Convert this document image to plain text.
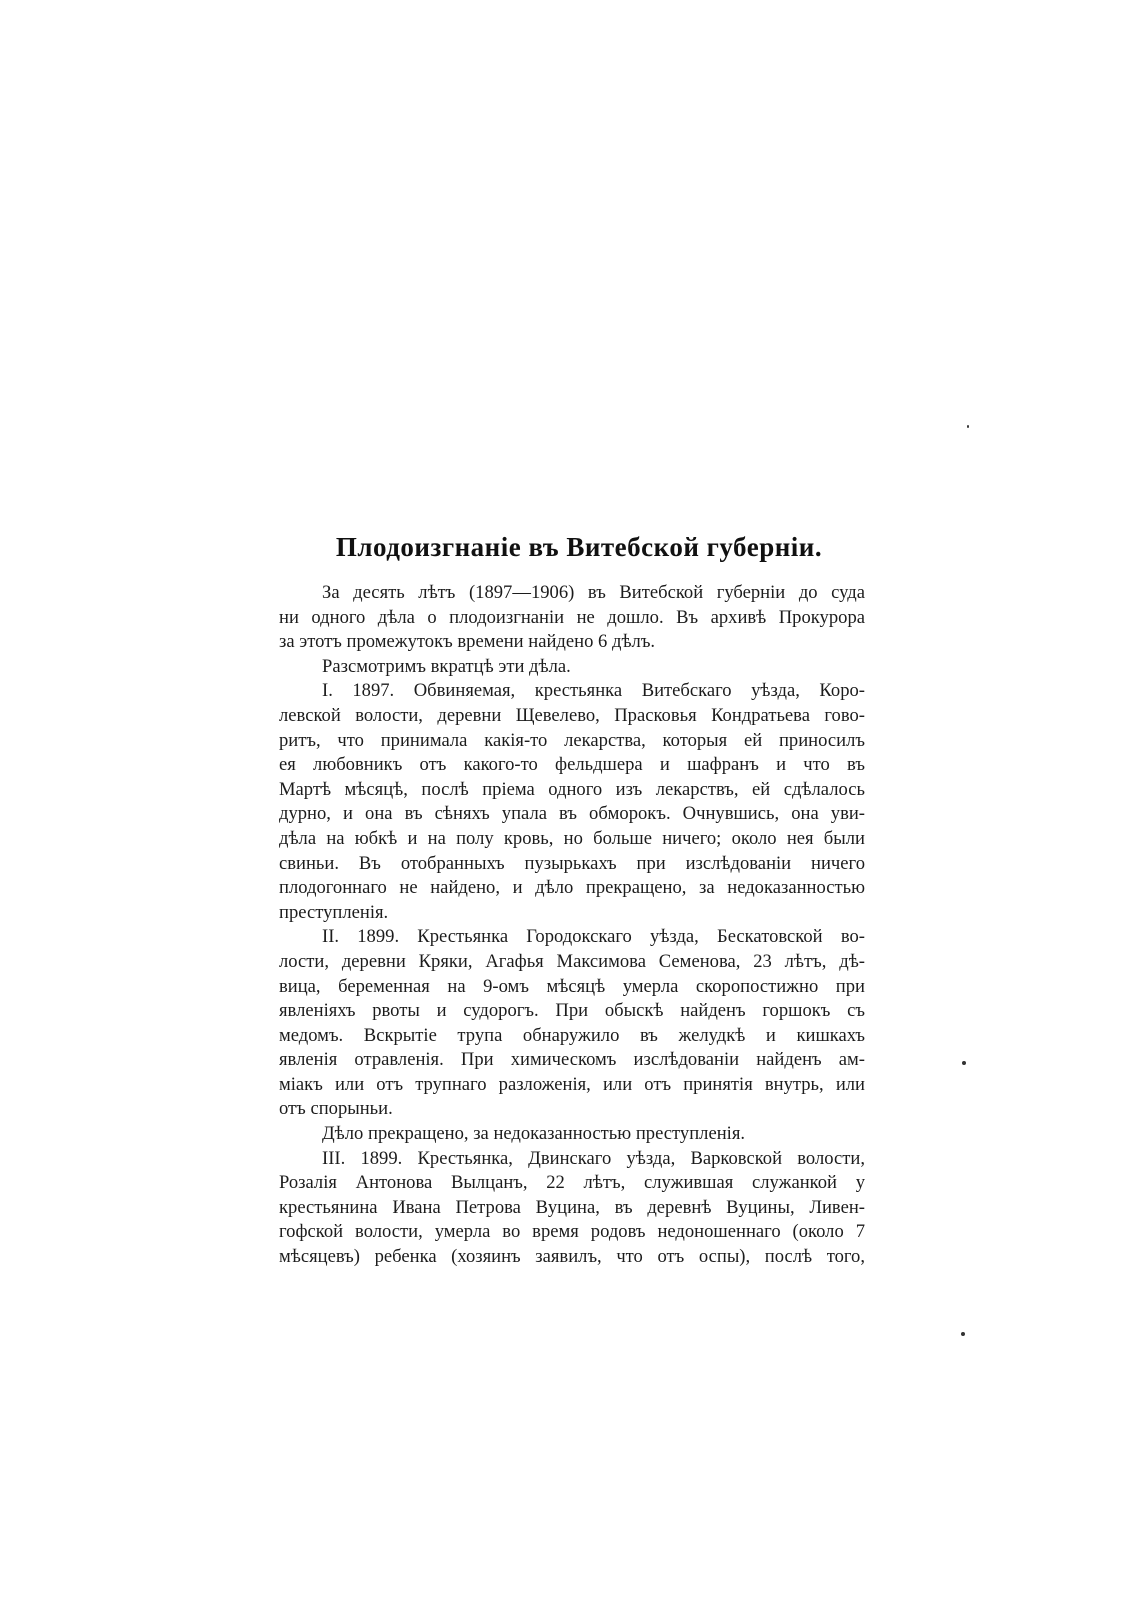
Плодоизгнаніе въ Витебской губерніи.
За десять лѣтъ (1897—1906) въ Витебской губерніи до суда
ни одного дѣла о плодоизгнаніи не дошло. Въ архивѣ Прокурора
за этотъ промежутокъ времени найдено 6 дѣлъ.
Разсмотримъ вкратцѣ эти дѣла.
I. 1897. Обвиняемая, крестьянка Витебскаго уѣзда, Коро-
левской волости, деревни Щевелево, Прасковья Кондратьева гово-
ритъ, что принимала какія-то лекарства, которыя ей приносилъ
ея любовникъ отъ какого-то фельдшера и шафранъ и что въ
Мартѣ мѣсяцѣ, послѣ пріема одного изъ лекарствъ, ей сдѣлалось
дурно, и она въ сѣняхъ упала въ обморокъ. Очнувшись, она уви-
дѣла на юбкѣ и на полу кровь, но больше ничего; около нея были
свиньи. Въ отобранныхъ пузырькахъ при изслѣдованіи ничего
плодогоннаго не найдено, и дѣло прекращено, за недоказанностью
преступленія.
II. 1899. Крестьянка Городокскаго уѣзда, Бескатовской во-
лости, деревни Кряки, Агафья Максимова Семенова, 23 лѣтъ, дѣ-
вица, беременная на 9-омъ мѣсяцѣ умерла скоропостижно при
явленіяхъ рвоты и судорогъ. При обыскѣ найденъ горшокъ съ
медомъ. Вскрытіе трупа обнаружило въ желудкѣ и кишкахъ
явленія отравленія. При химическомъ изслѣдованіи найденъ ам-
міакъ или отъ трупнаго разложенія, или отъ принятія внутрь, или
отъ спорыньи.
Дѣло прекращено, за недоказанностью преступленія.
III. 1899. Крестьянка, Двинскаго уѣзда, Варковской волости,
Розалія Антонова Вылцанъ, 22 лѣтъ, служившая служанкой у
крестьянина Ивана Петрова Вуцина, въ деревнѣ Вуцины, Ливен-
гофской волости, умерла во время родовъ недоношеннаго (около 7
мѣсяцевъ) ребенка (хозяинъ заявилъ, что отъ оспы), послѣ того,
